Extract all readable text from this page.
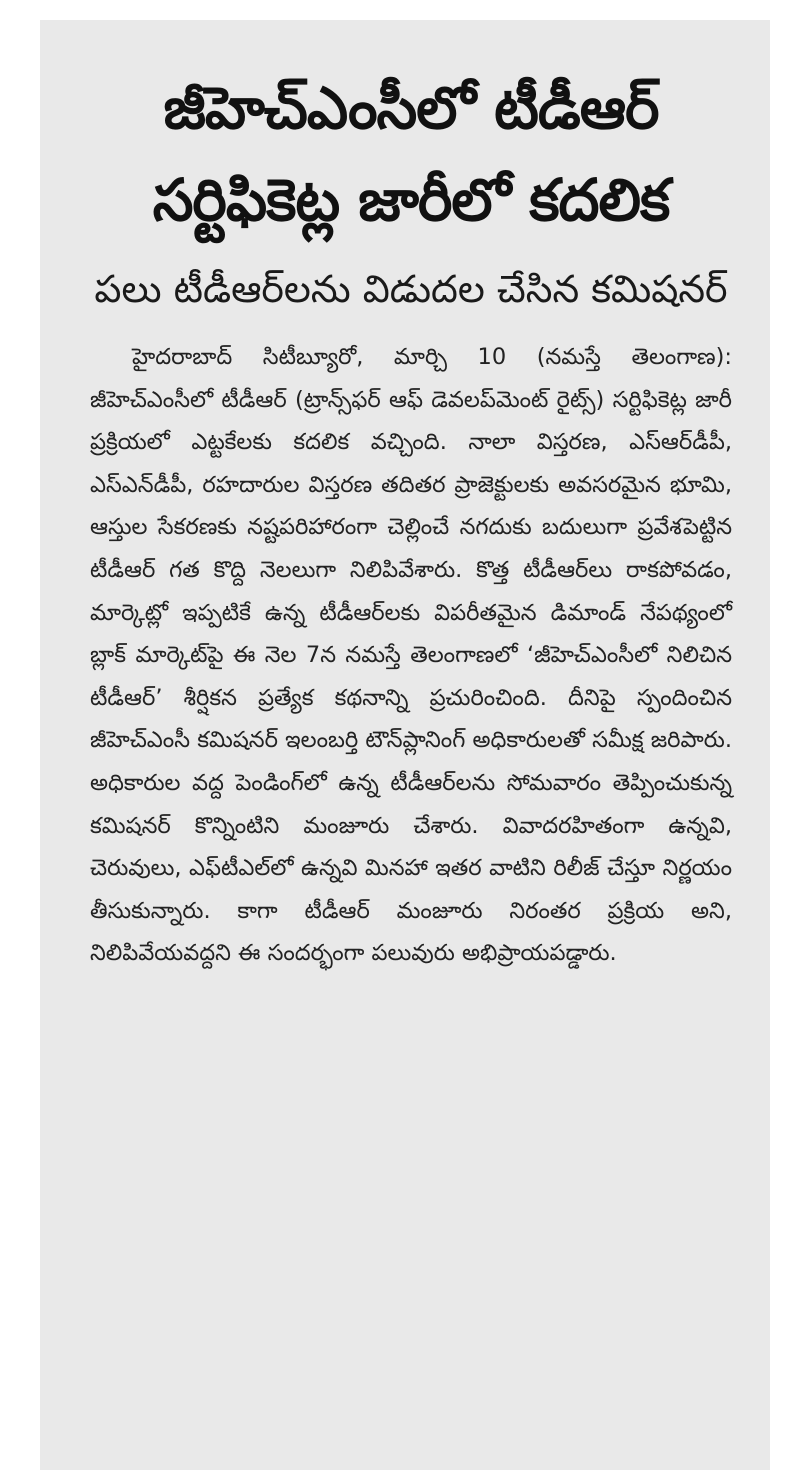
జీహెచ్‌ఎంసీలో టీడీఆర్ సర్టిఫికెట్ల జారీలో కదలిక
పలు టీడీఆర్‌లను విడుదల చేసిన కమిషనర్

హైదరాబాద్ సిటీబ్యూరో, మార్చి 10 (నమస్తే తెలంగాణ): జీహెచ్‌ఎంసీలో టీడీఆర్ (ట్రాన్స్‌ఫర్ ఆఫ్ డెవలప్‌మెంట్ రైట్స్) సర్టిఫికెట్ల జారీ ప్రక్రియలో ఎట్టకేలకు కదలిక వచ్చింది. నాలా విస్తరణ, ఎస్‌ఆర్‌డీపీ, ఎస్‌ఎన్‌డీపీ, రహదారుల విస్తరణ తదితర ప్రాజెక్టులకు అవసరమైన భూమి, ఆస్తుల సేకరణకు నష్టపరిహారంగా చెల్లించే నగదుకు బదులుగా ప్రవేశపెట్టిన టీడీఆర్ గత కొద్ది నెలలుగా నిలిపివేశారు. కొత్త టీడీఆర్‌లు రాకపోవడం, మార్కెట్లో ఇప్పటికే ఉన్న టీడీఆర్‌లకు విపరీతమైన డిమాండ్ నేపథ్యంలో బ్లాక్ మార్కెట్‌పై ఈ నెల 7న నమస్తే తెలంగాణలో ‘జీహెచ్‌ఎంసీలో నిలిచిన టీడీఆర్’ శీర్షికన ప్రత్యేక కథనాన్ని ప్రచురించింది. దీనిపై స్పందించిన జీహెచ్‌ఎంసీ కమిషనర్ ఇలంబర్తి టౌన్‌ప్లానింగ్ అధికారులతో సమీక్ష జరిపారు. అధికారుల వద్ద పెండింగ్‌లో ఉన్న టీడీఆర్‌లను సోమవారం తెప్పించుకున్న కమిషనర్ కొన్నింటిని మంజూరు చేశారు. వివాదరహితంగా ఉన్నవి, చెరువులు, ఎఫ్‌టీఎల్‌లో ఉన్నవి మినహా ఇతర వాటిని రిలీజ్ చేస్తూ నిర్ణయం తీసుకున్నారు. కాగా టీడీఆర్ మంజూరు నిరంతర ప్రక్రియ అని, నిలిపివేయవద్దని ఈ సందర్భంగా పలువురు అభిప్రాయపడ్డారు.
